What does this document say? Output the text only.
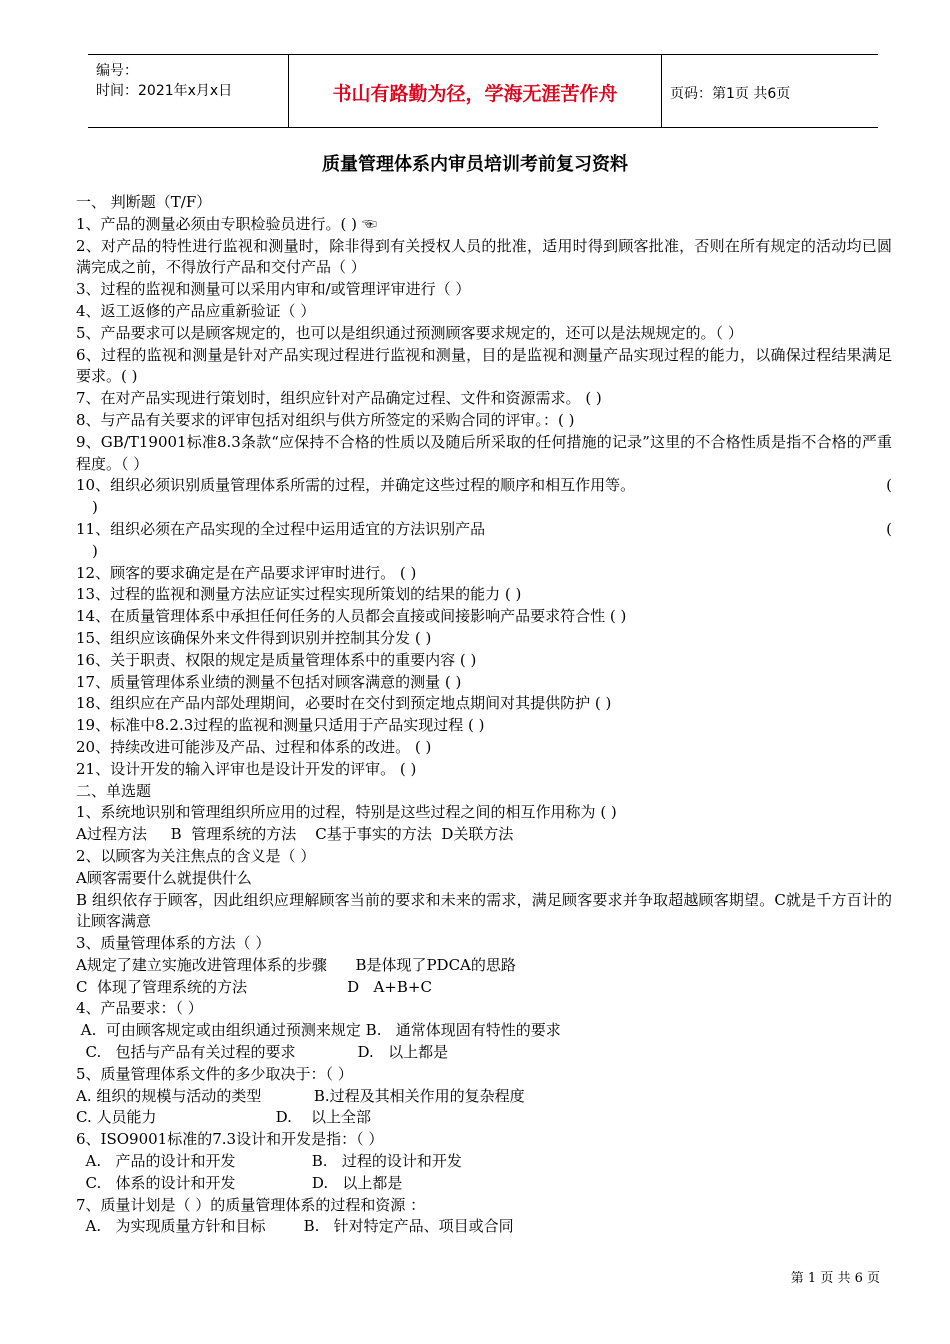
编号：
时间：2021年x月x日	书山有路勤为径，学海无涯苦作舟	页码：第1页 共6页
质量管理体系内审员培训考前复习资料

一、 判断题（T/F）

1、产品的测量必须由专职检验员进行。( ) ☜

2、对产品的特性进行监视和测量时，除非得到有关授权人员的批准，适用时得到顾客批准，否则在所有规定的活动均已圆满完成之前，不得放行产品和交付产品（ ）

3、过程的监视和测量可以采用内审和/或管理评审进行（ ）

4、返工返修的产品应重新验证（ ）

5、产品要求可以是顾客规定的，也可以是组织通过预测顾客要求规定的，还可以是法规规定的。（ ）

6、过程的监视和测量是针对产品实现过程进行监视和测量，目的是监视和测量产品实现过程的能力，以确保过程结果满足要求。( )

7、在对产品实现进行策划时，组织应针对产品确定过程、文件和资源需求。 ( )

8、与产品有关要求的评审包括对组织与供方所签定的采购合同的评审。：( )

9、GB/T19001标准8.3条款“应保持不合格的性质以及随后所采取的任何措施的记录”这里的不合格性质是指不合格的严重程度。（ ）

10、组织必须识别质量管理体系所需的过程，并确定这些过程的顺序和相互作用等。	(

)

11、组织必须在产品实现的全过程中运用适宜的方法识别产品	(

)

12、顾客的要求确定是在产品要求评审时进行。 ( )

13、过程的监视和测量方法应证实过程实现所策划的结果的能力 ( )

14、在质量管理体系中承担任何任务的人员都会直接或间接影响产品要求符合性 ( )

15、组织应该确保外来文件得到识别并控制其分发 ( )

16、关于职责、权限的规定是质量管理体系中的重要内容 ( )

17、质量管理体系业绩的测量不包括对顾客满意的测量 ( )

18、组织应在产品内部处理期间，必要时在交付到预定地点期间对其提供防护 ( )

19、标准中8.2.3过程的监视和测量只适用于产品实现过程 ( )

20、持续改进可能涉及产品、过程和体系的改进。 ( )

21、设计开发的输入评审也是设计开发的评审。 ( )

二、单选题

1、系统地识别和管理组织所应用的过程，特别是这些过程之间的相互作用称为 ( )

A过程方法     B  管理系统的方法    C基于事实的方法  D关联方法

2、以顾客为关注焦点的含义是（ ）

A顾客需要什么就提供什么

B 组织依存于顾客，因此组织应理解顾客当前的要求和未来的需求，满足顾客要求并争取超越顾客期望。C就是千方百计的让顾客满意

3、质量管理体系的方法（ ）

A规定了建立实施改进管理体系的步骤      B是体现了PDCA的思路

C  体现了管理系统的方法                     D   A+B+C

4、产品要求：（ ）

A.  可由顾客规定或由组织通过预测来规定 B.   通常体现固有特性的要求

C.   包括与产品有关过程的要求             D.   以上都是

5、质量管理体系文件的多少取决于：（ ）

A. 组织的规模与活动的类型           B.过程及其相关作用的复杂程度

C. 人员能力                         D.    以上全部

6、ISO9001标准的7.3设计和开发是指：（ ）

A.   产品的设计和开发                B.   过程的设计和开发

C.   体系的设计和开发                D.   以上都是

7、质量计划是（ ）的质量管理体系的过程和资源 ：

A.   为实现质量方针和目标        B.   针对特定产品、项目或合同

第 1 页 共 6 页
